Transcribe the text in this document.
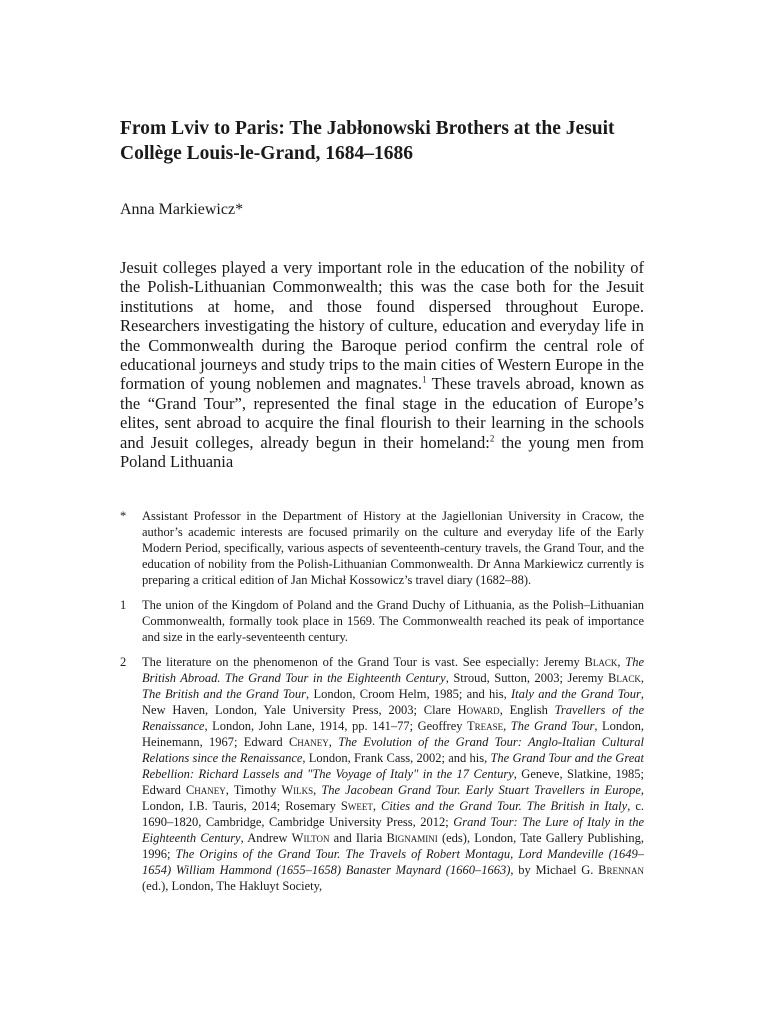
From Lviv to Paris: The Jabłonowski Brothers at the Jesuit Collège Louis-le-Grand, 1684–1686

Anna Markiewicz*

Jesuit colleges played a very important role in the education of the nobility of the Polish-Lithuanian Commonwealth; this was the case both for the Jesuit institutions at home, and those found dispersed throughout Europe. Researchers investigating the history of culture, education and everyday life in the Commonwealth during the Baroque period confirm the central role of educational journeys and study trips to the main cities of Western Europe in the formation of young noblemen and magnates.$^1$ These travels abroad, known as the “Grand Tour”, represented the final stage in the education of Europe’s elites, sent abroad to acquire the final flourish to their learning in the schools and Jesuit colleges, already begun in their homeland:$^2$ the young men from Poland Lithuania

*	Assistant Professor in the Department of History at the Jagiellonian University in Cracow, the author’s academic interests are focused primarily on the culture and everyday life of the Early Modern Period, specifically, various aspects of seventeenth-century travels, the Grand Tour, and the education of nobility from the Polish-Lithuanian Commonwealth. Dr Anna Markiewicz currently is preparing a critical edition of Jan Michał Kossowicz’s travel diary (1682–88).
1	The union of the Kingdom of Poland and the Grand Duchy of Lithuania, as the Polish–Lithuanian Commonwealth, formally took place in 1569. The Commonwealth reached its peak of importance and size in the early-seventeenth century.
2	The literature on the phenomenon of the Grand Tour is vast. See especially: Jeremy Black, The British Abroad. The Grand Tour in the Eighteenth Century, Stroud, Sutton, 2003; Jeremy Black, The British and the Grand Tour, London, Croom Helm, 1985; and his, Italy and the Grand Tour, New Haven, London, Yale University Press, 2003; Clare Howard, English Travellers of the Renaissance, London, John Lane, 1914, pp. 141–77; Geoffrey Trease, The Grand Tour, London, Heinemann, 1967; Edward Chaney, The Evolution of the Grand Tour: Anglo-Italian Cultural Relations since the Renaissance, London, Frank Cass, 2002; and his, The Grand Tour and the Great Rebellion: Richard Lassels and "The Voyage of Italy" in the 17 Century, Geneve, Slatkine, 1985; Edward Chaney, Timothy Wilks, The Jacobean Grand Tour. Early Stuart Travellers in Europe, London, I.B. Tauris, 2014; Rosemary Sweet, Cities and the Grand Tour. The British in Italy, c. 1690–1820, Cambridge, Cambridge University Press, 2012; Grand Tour: The Lure of Italy in the Eighteenth Century, Andrew Wilton and Ilaria Bignamini (eds), London, Tate Gallery Publishing, 1996; The Origins of the Grand Tour. The Travels of Robert Montagu, Lord Mandeville (1649–1654) William Hammond (1655–1658) Banaster Maynard (1660–1663), by Michael G. Brennan (ed.), London, The Hakluyt Society,
